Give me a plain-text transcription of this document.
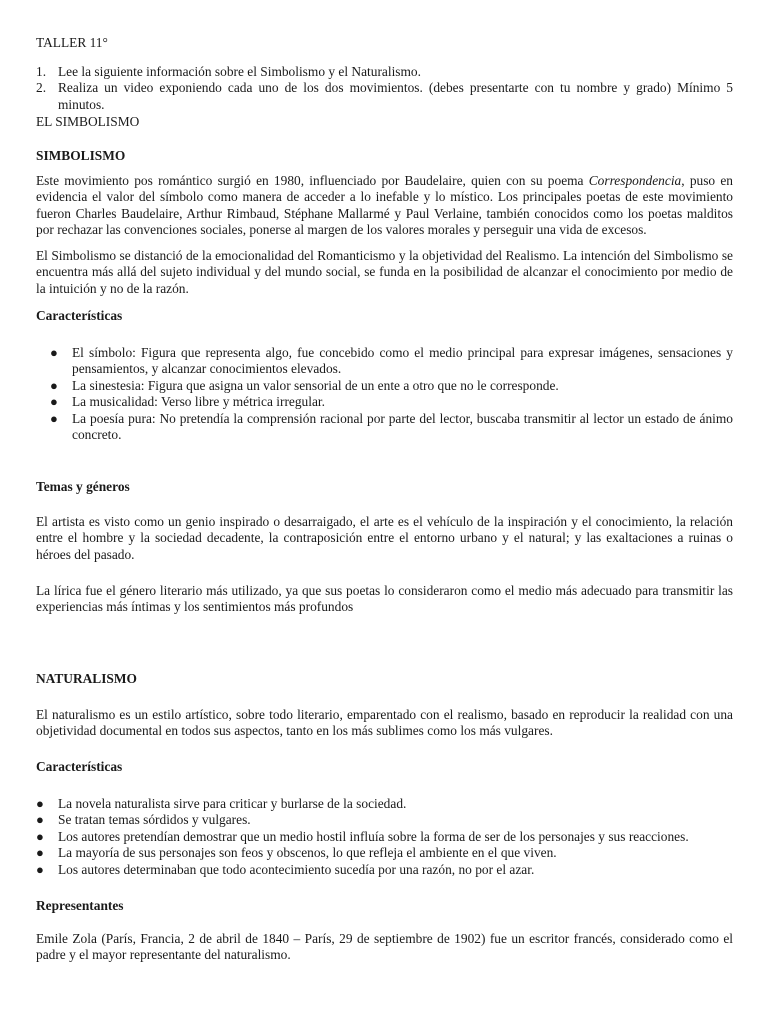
TALLER 11°

1. Lee la siguiente información sobre el Simbolismo y el Naturalismo.
2. Realiza un video exponiendo cada uno de los dos movimientos. (debes presentarte con tu nombre y grado) Mínimo 5 minutos.

EL SIMBOLISMO

SIMBOLISMO

Este movimiento pos romántico surgió en 1980, influenciado por Baudelaire, quien con su poema Correspondencia, puso en evidencia el valor del símbolo como manera de acceder a lo inefable y lo místico. Los principales poetas de este movimiento fueron Charles Baudelaire, Arthur Rimbaud, Stéphane Mallarmé y Paul Verlaine, también conocidos como los poetas malditos por rechazar las convenciones sociales, ponerse al margen de los valores morales y perseguir una vida de excesos.

El Simbolismo se distanció de la emocionalidad del Romanticismo y la objetividad del Realismo. La intención del Simbolismo se encuentra más allá del sujeto individual y del mundo social, se funda en la posibilidad de alcanzar el conocimiento por medio de la intuición y no de la razón.

Características

● El símbolo: Figura que representa algo, fue concebido como el medio principal para expresar imágenes, sensaciones y pensamientos, y alcanzar conocimientos elevados.
● La sinestesia: Figura que asigna un valor sensorial de un ente a otro que no le corresponde.
● La musicalidad: Verso libre y métrica irregular.
● La poesía pura: No pretendía la comprensión racional por parte del lector, buscaba transmitir al lector un estado de ánimo concreto.

Temas y géneros

El artista es visto como un genio inspirado o desarraigado, el arte es el vehículo de la inspiración y el conocimiento, la relación entre el hombre y la sociedad decadente, la contraposición entre el entorno urbano y el natural; y las exaltaciones a ruinas o héroes del pasado.

La lírica fue el género literario más utilizado, ya que sus poetas lo consideraron como el medio más adecuado para transmitir las experiencias más íntimas y los sentimientos más profundos

NATURALISMO

El naturalismo es un estilo artístico, sobre todo literario, emparentado con el realismo, basado en reproducir la realidad con una objetividad documental en todos sus aspectos, tanto en los más sublimes como los más vulgares.

Características

● La novela naturalista sirve para criticar y burlarse de la sociedad.
● Se tratan temas sórdidos y vulgares.
● Los autores pretendían demostrar que un medio hostil influía sobre la forma de ser de los personajes y sus reacciones.
● La mayoría de sus personajes son feos y obscenos, lo que refleja el ambiente en el que viven.
● Los autores determinaban que todo acontecimiento sucedía por una razón, no por el azar.

Representantes

Emile Zola (París, Francia, 2 de abril de 1840 – París, 29 de septiembre de 1902) fue un escritor francés, considerado como el padre y el mayor representante del naturalismo.
